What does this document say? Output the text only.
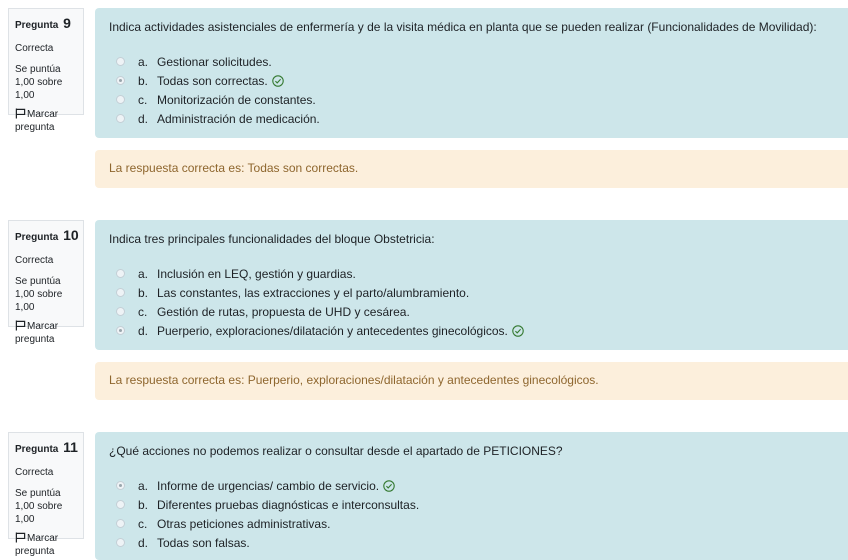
Pregunta 9
Correcta
Se puntúa 1,00 sobre 1,00
Marcar pregunta
Indica actividades asistenciales de enfermería y de la visita médica en planta que se pueden realizar (Funcionalidades de Movilidad):
a. Gestionar solicitudes.
b. Todas son correctas.
c. Monitorización de constantes.
d. Administración de medicación.
La respuesta correcta es: Todas son correctas.
Pregunta 10
Correcta
Se puntúa 1,00 sobre 1,00
Marcar pregunta
Indica tres principales funcionalidades del bloque Obstetricia:
a. Inclusión en LEQ, gestión y guardias.
b. Las constantes, las extracciones y el parto/alumbramiento.
c. Gestión de rutas, propuesta de UHD y cesárea.
d. Puerperio, exploraciones/dilatación y antecedentes ginecológicos.
La respuesta correcta es: Puerperio, exploraciones/dilatación y antecedentes ginecológicos.
Pregunta 11
Correcta
Se puntúa 1,00 sobre 1,00
Marcar pregunta
¿Qué acciones no podemos realizar o consultar desde el apartado de PETICIONES?
a. Informe de urgencias/ cambio de servicio.
b. Diferentes pruebas diagnósticas e interconsultas.
c. Otras peticiones administrativas.
d. Todas son falsas.
